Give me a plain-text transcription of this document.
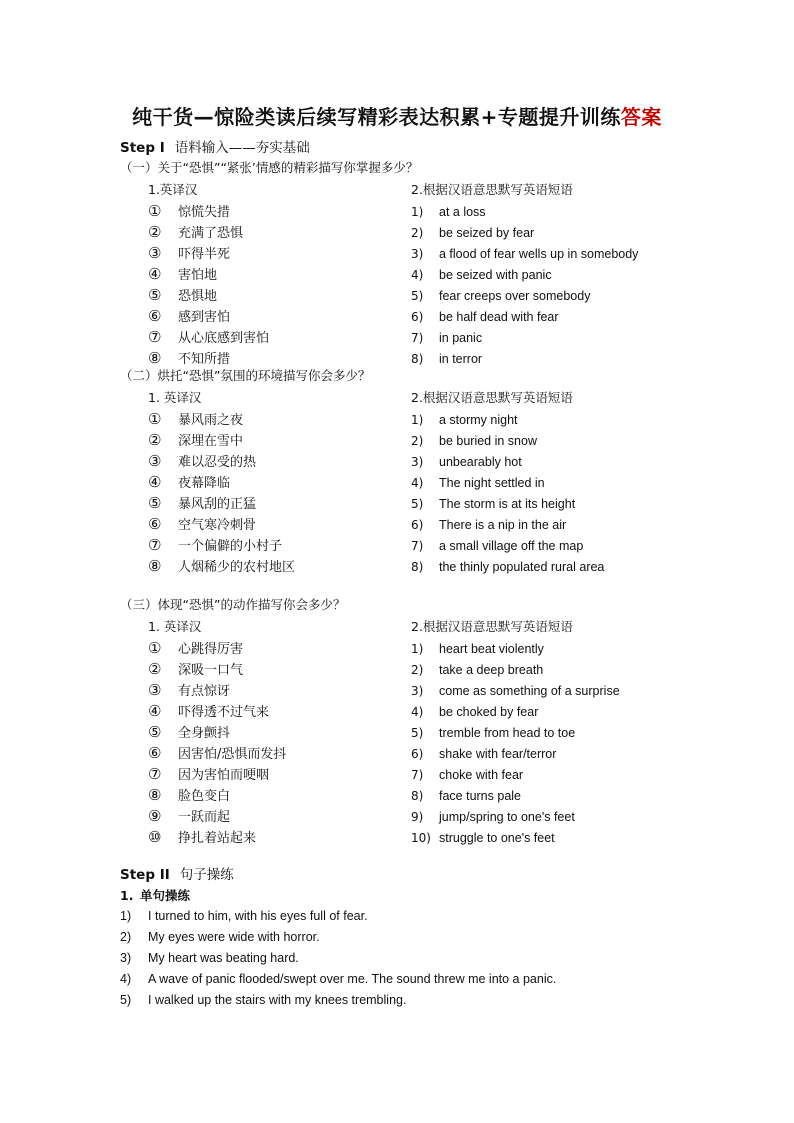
纯干货—惊险类读后续写精彩表达积累+专题提升训练答案
Step I 语料输入——夯实基础
（一）关于“恐惧”“紧张’情感的精彩描写你掌握多少？
1.英译汉
① 惊慌失措
② 充满了恐惧
③ 吓得半死
④ 害怕地
⑤ 恐惧地
⑥ 感到害怕
⑦ 从心底感到害怕
⑧ 不知所措
2.根据汉语意思默写英语短语
1) at a loss
2) be seized by fear
3) a flood of fear wells up in somebody
4) be seized with panic
5) fear creeps over somebody
6) be half dead with fear
7) in panic
8) in terror
（二）烘托“恐惧”氛围的环境描写你会多少？
1. 英译汉
① 暴风雨之夜
② 深埋在雪中
③ 难以忍受的热
④ 夜幕降临
⑤ 暴风刮的正猛
⑥ 空气寒冷刺骨
⑦ 一个偏僻的小村子
⑧ 人烟稀少的农村地区
2.根据汉语意思默写英语短语
1) a stormy night
2) be buried in snow
3) unbearably hot
4) The night settled in
5) The storm is at its height
6) There is a nip in the air
7) a small village off the map
8) the thinly populated rural area
（三）体现“恐惧”的动作描写你会多少？
1. 英译汉
① 心跳得厉害
② 深吸一口气
③ 有点惊讶
④ 吓得透不过气来
⑤ 全身颤抖
⑥ 因害怕/恐惧而发抖
⑦ 因为害怕而哽咽
⑧ 脸色变白
⑨ 一跃而起
⑩ 挣扎着站起来
2.根据汉语意思默写英语短语
1) heart beat violently
2) take a deep breath
3) come as something of a surprise
4) be choked by fear
5) tremble from head to toe
6) shake with fear/terror
7) choke with fear
8) face turns pale
9) jump/spring to one's feet
10) struggle to one's feet
Step II 句子操练
1. 单句操练
1) I turned to him, with his eyes full of fear.
2) My eyes were wide with horror.
3) My heart was beating hard.
4) A wave of panic flooded/swept over me. The sound threw me into a panic.
5) I walked up the stairs with my knees trembling.
